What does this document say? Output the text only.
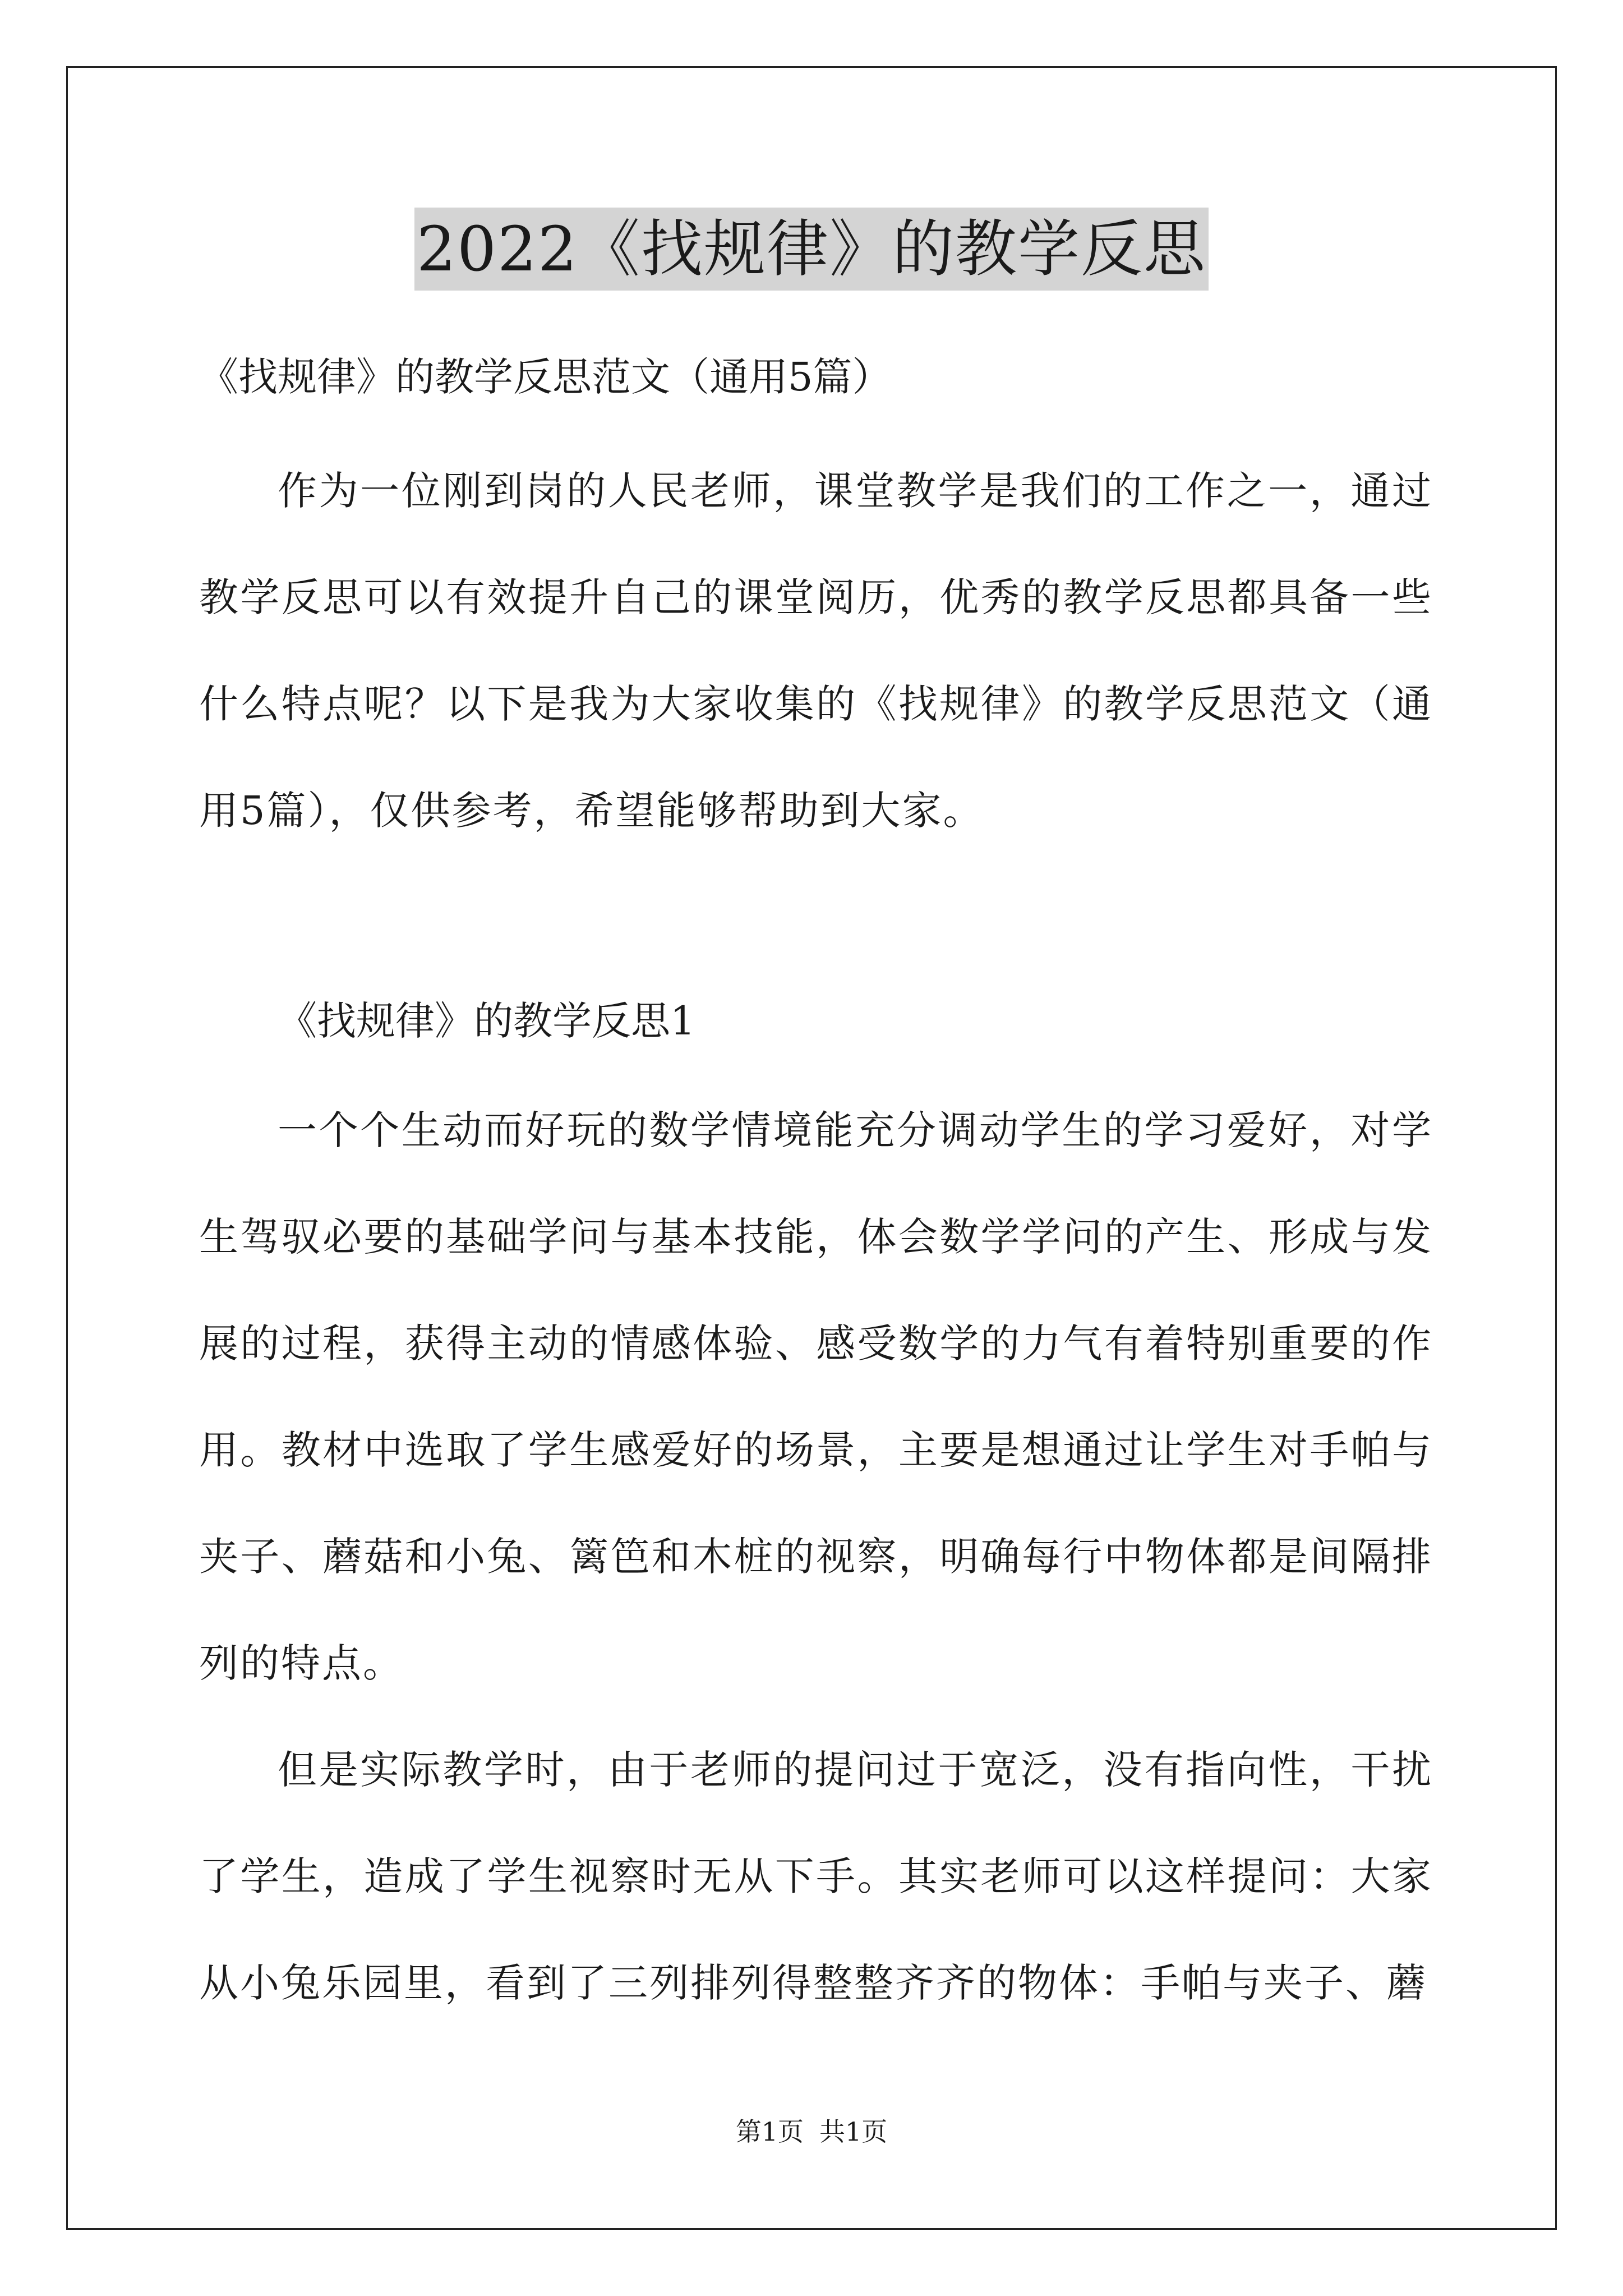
2022《找规律》的教学反思
《找规律》的教学反思范文（通用5篇）

作为一位刚到岗的人民老师，课堂教学是我们的工作之一，通过教学反思可以有效提升自己的课堂阅历，优秀的教学反思都具备一些什么特点呢？以下是我为大家收集的《找规律》的教学反思范文（通用5篇），仅供参考，希望能够帮助到大家。

《找规律》的教学反思1

一个个生动而好玩的数学情境能充分调动学生的学习爱好，对学生驾驭必要的基础学问与基本技能，体会数学学问的产生、形成与发展的过程，获得主动的情感体验、感受数学的力气有着特别重要的作用。教材中选取了学生感爱好的场景，主要是想通过让学生对手帕与夹子、蘑菇和小兔、篱笆和木桩的视察，明确每行中物体都是间隔排列的特点。

但是实际教学时，由于老师的提问过于宽泛，没有指向性，干扰了学生，造成了学生视察时无从下手。其实老师可以这样提问：大家从小兔乐园里，看到了三列排列得整整齐齐的物体：手帕与夹子、蘑

第1页 共1页
